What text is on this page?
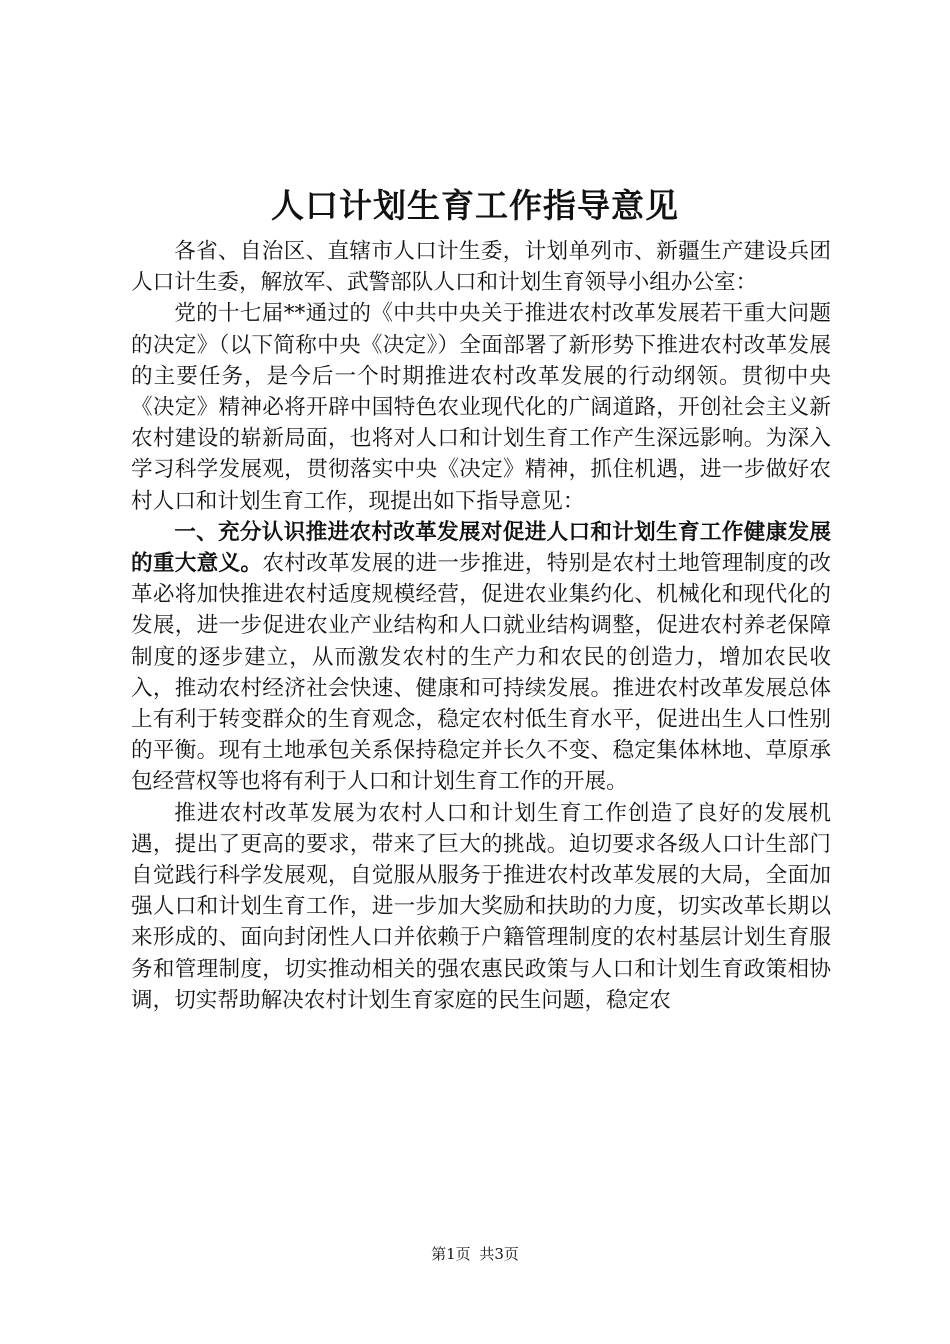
人口计划生育工作指导意见

各省、自治区、直辖市人口计生委，计划单列市、新疆生产建设兵团人口计生委，解放军、武警部队人口和计划生育领导小组办公室：

党的十七届**通过的《中共中央关于推进农村改革发展若干重大问题的决定》（以下简称中央《决定》）全面部署了新形势下推进农村改革发展的主要任务，是今后一个时期推进农村改革发展的行动纲领。贯彻中央《决定》精神必将开辟中国特色农业现代化的广阔道路，开创社会主义新农村建设的崭新局面，也将对人口和计划生育工作产生深远影响。为深入学习科学发展观，贯彻落实中央《决定》精神，抓住机遇，进一步做好农村人口和计划生育工作，现提出如下指导意见：

一、充分认识推进农村改革发展对促进人口和计划生育工作健康发展的重大意义。农村改革发展的进一步推进，特别是农村土地管理制度的改革必将加快推进农村适度规模经营，促进农业集约化、机械化和现代化的发展，进一步促进农业产业结构和人口就业结构调整，促进农村养老保障制度的逐步建立，从而激发农村的生产力和农民的创造力，增加农民收入，推动农村经济社会快速、健康和可持续发展。推进农村改革发展总体上有利于转变群众的生育观念，稳定农村低生育水平，促进出生人口性别的平衡。现有土地承包关系保持稳定并长久不变、稳定集体林地、草原承包经营权等也将有利于人口和计划生育工作的开展。

推进农村改革发展为农村人口和计划生育工作创造了良好的发展机遇，提出了更高的要求，带来了巨大的挑战。迫切要求各级人口计生部门自觉践行科学发展观，自觉服从服务于推进农村改革发展的大局，全面加强人口和计划生育工作，进一步加大奖励和扶助的力度，切实改革长期以来形成的、面向封闭性人口并依赖于户籍管理制度的农村基层计划生育服务和管理制度，切实推动相关的强农惠民政策与人口和计划生育政策相协调，切实帮助解决农村计划生育家庭的民生问题，稳定农

第1页 共3页
